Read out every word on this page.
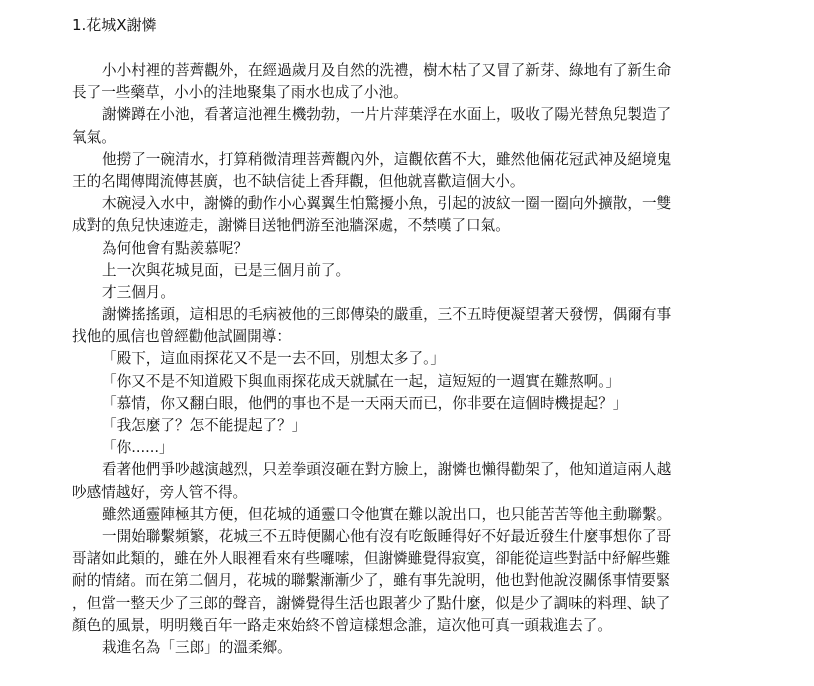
1.花城X謝憐
小小村裡的菩薺觀外，在經過歲月及自然的洗禮，樹木枯了又冒了新芽、綠地有了新生命
長了一些藥草，小小的洼地聚集了雨水也成了小池。
謝憐蹲在小池，看著這池裡生機勃勃，一片片萍葉浮在水面上，吸收了陽光替魚兒製造了
氧氣。
他撈了一碗清水，打算稍微清理菩薺觀內外，這觀依舊不大，雖然他倆花冠武神及絕境鬼
王的名聞傳聞流傳甚廣，也不缺信徒上香拜觀，但他就喜歡這個大小。
木碗浸入水中，謝憐的動作小心翼翼生怕驚擾小魚，引起的波紋一圈一圈向外擴散，一雙
成對的魚兒快速遊走，謝憐目送牠們游至池牆深處，不禁嘆了口氣。
為何他會有點羨慕呢？
上一次與花城見面，已是三個月前了。
才三個月。
謝憐搖搖頭，這相思的毛病被他的三郎傳染的嚴重，三不五時便凝望著天發愣，偶爾有事
找他的風信也曾經勸他試圖開導：
「殿下，這血雨探花又不是一去不回，別想太多了。」
「你又不是不知道殿下與血雨探花成天就膩在一起，這短短的一週實在難熬啊。」
「慕情，你又翻白眼，他們的事也不是一天兩天而已，你非要在這個時機提起？」
「我怎麼了？怎不能提起了？」
「你......」
看著他們爭吵越演越烈，只差拳頭沒砸在對方臉上，謝憐也懶得勸架了，他知道這兩人越
吵感情越好，旁人管不得。
雖然通靈陣極其方便，但花城的通靈口令他實在難以說出口，也只能苦苦等他主動聯繫。
一開始聯繫頻繁，花城三不五時便關心他有沒有吃飯睡得好不好最近發生什麼事想你了哥
哥諸如此類的，雖在外人眼裡看來有些囉嗦，但謝憐雖覺得寂寞，卻能從這些對話中紓解些難
耐的情緒。而在第二個月，花城的聯繫漸漸少了，雖有事先說明，他也對他說沒關係事情要緊
，但當一整天少了三郎的聲音，謝憐覺得生活也跟著少了點什麼，似是少了調味的料理、缺了
顏色的風景，明明幾百年一路走來始終不曾這樣想念誰，這次他可真一頭栽進去了。
栽進名為「三郎」的溫柔鄉。
